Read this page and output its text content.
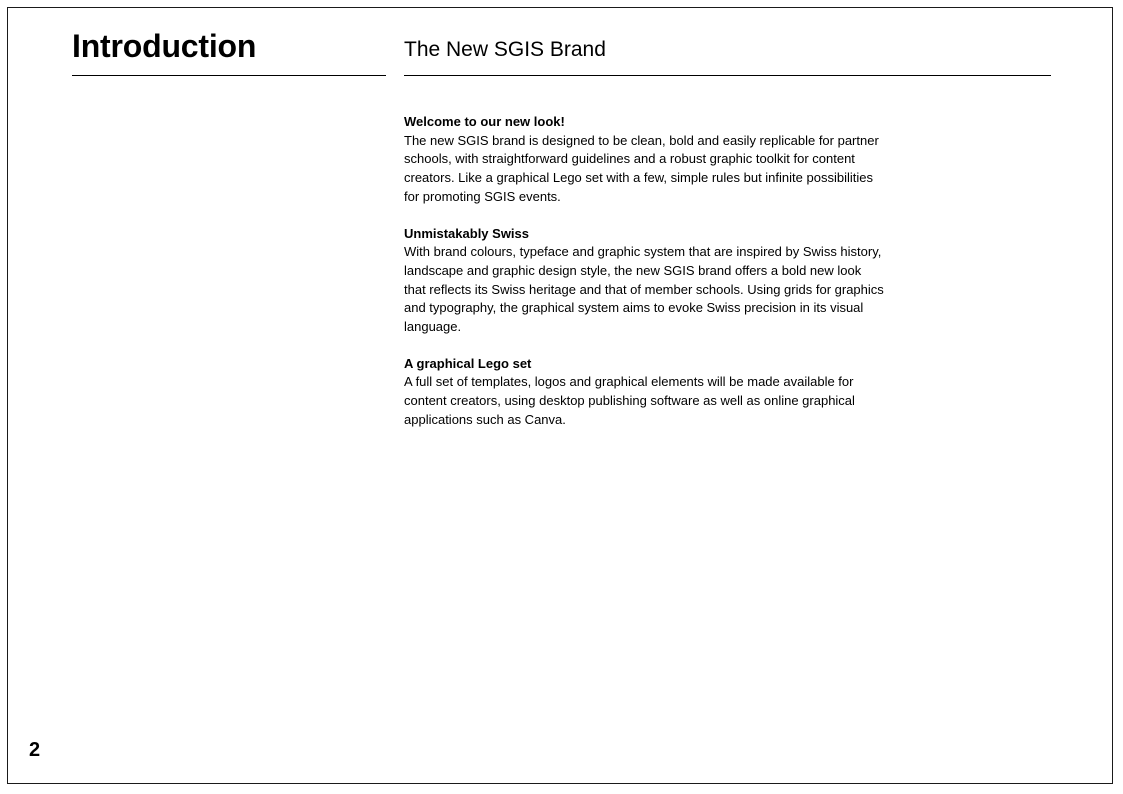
Introduction	The New SGIS Brand

Welcome to our new look!

The new SGIS brand is designed to be clean, bold and easily replicable for partner schools, with straightforward guidelines and a robust graphic toolkit for content creators. Like a graphical Lego set with a few, simple rules but infinite possibilities for promoting SGIS events.

Unmistakably Swiss

With brand colours, typeface and graphic system that are inspired by Swiss history, landscape and graphic design style, the new SGIS brand offers a bold new look that reflects its Swiss heritage and that of member schools. Using grids for graphics and typography, the graphical system aims to evoke Swiss precision in its visual language.

A graphical Lego set

A full set of templates, logos and graphical elements will be made available for content creators, using desktop publishing software as well as online graphical applications such as Canva.

2
